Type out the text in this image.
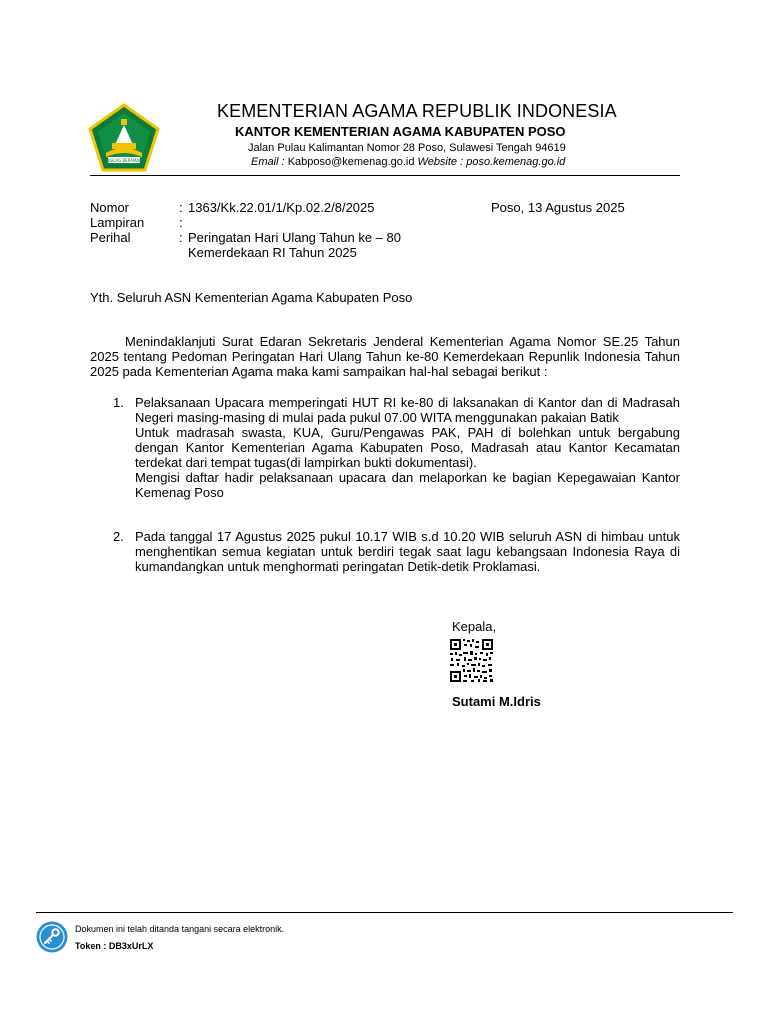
IKHLAS BERAMAL
KEMENTERIAN AGAMA REPUBLIK INDONESIA
KANTOR KEMENTERIAN AGAMA KABUPATEN POSO
Jalan Pulau Kalimantan Nomor 28 Poso, Sulawesi Tengah 94619
Email : Kabposo@kemenag.go.id Website : poso.kemenag.go.id
Nomor	: 1363/Kk.22.01/1/Kp.02.2/8/2025	Poso, 13 Agustus 2025
Lampiran	:
Perihal	: Peringatan Hari Ulang Tahun ke – 80
Kemerdekaan RI Tahun 2025
Yth. Seluruh ASN Kementerian Agama Kabupaten Poso
Menindaklanjuti Surat Edaran Sekretaris Jenderal Kementerian Agama Nomor SE.25 Tahun 2025 tentang Pedoman Peringatan Hari Ulang Tahun ke-80 Kemerdekaan Repunlik Indonesia Tahun 2025 pada Kementerian Agama maka kami sampaikan hal-hal sebagai berikut :
1. Pelaksanaan Upacara memperingati HUT RI ke-80 di laksanakan di Kantor dan di Madrasah Negeri masing-masing di mulai pada pukul 07.00 WITA menggunakan pakaian Batik
Untuk madrasah swasta, KUA, Guru/Pengawas PAK, PAH di bolehkan untuk bergabung dengan Kantor Kementerian Agama Kabupaten Poso, Madrasah atau Kantor Kecamatan terdekat dari tempat tugas(di lampirkan bukti dokumentasi).
Mengisi daftar hadir pelaksanaan upacara dan melaporkan ke bagian Kepegawaian Kantor Kemenag Poso
2. Pada tanggal 17 Agustus 2025 pukul 10.17 WIB s.d 10.20 WIB seluruh ASN di himbau untuk menghentikan semua kegiatan untuk berdiri tegak saat lagu kebangsaan Indonesia Raya di kumandangkan untuk menghormati peringatan Detik-detik Proklamasi.
Kepala,
Sutami M.Idris
Dokumen ini telah ditanda tangani secara elektronik.
Token : DB3xUrLX
